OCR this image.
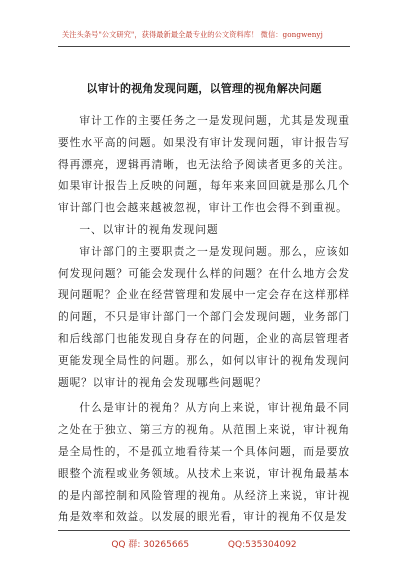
关注头条号"公文研究"，获得最新最全最专业的公文资料库！ 微信：gongwenyj
以审计的视角发现问题，以管理的视角解决问题

审计工作的主要任务之一是发现问题，尤其是发现重要性水平高的问题。如果没有审计发现问题，审计报告写得再漂亮，逻辑再清晰，也无法给予阅读者更多的关注。如果审计报告上反映的问题，每年来来回回就是那么几个审计部门也会越来越被忽视，审计工作也会得不到重视。

一、以审计的视角发现问题

审计部门的主要职责之一是发现问题。那么，应该如何发现问题？可能会发现什么样的问题？在什么地方会发现问题呢？企业在经营管理和发展中一定会存在这样那样的问题，不只是审计部门一个部门会发现问题，业务部门和后线部门也能发现自身存在的问题，企业的高层管理者更能发现全局性的问题。那么，如何以审计的视角发现问题呢？以审计的视角会发现哪些问题呢？

什么是审计的视角？从方向上来说，审计视角最不同之处在于独立、第三方的视角。从范围上来说，审计视角是全局性的，不是孤立地看待某一个具体问题，而是要放眼整个流程或业务领域。从技术上来说，审计视角最基本的是内部控制和风险管理的视角。从经济上来说，审计视角是效率和效益。以发展的眼光看，审计的视角不仅是发

QQ 群: 30265665	QQ:535304092
